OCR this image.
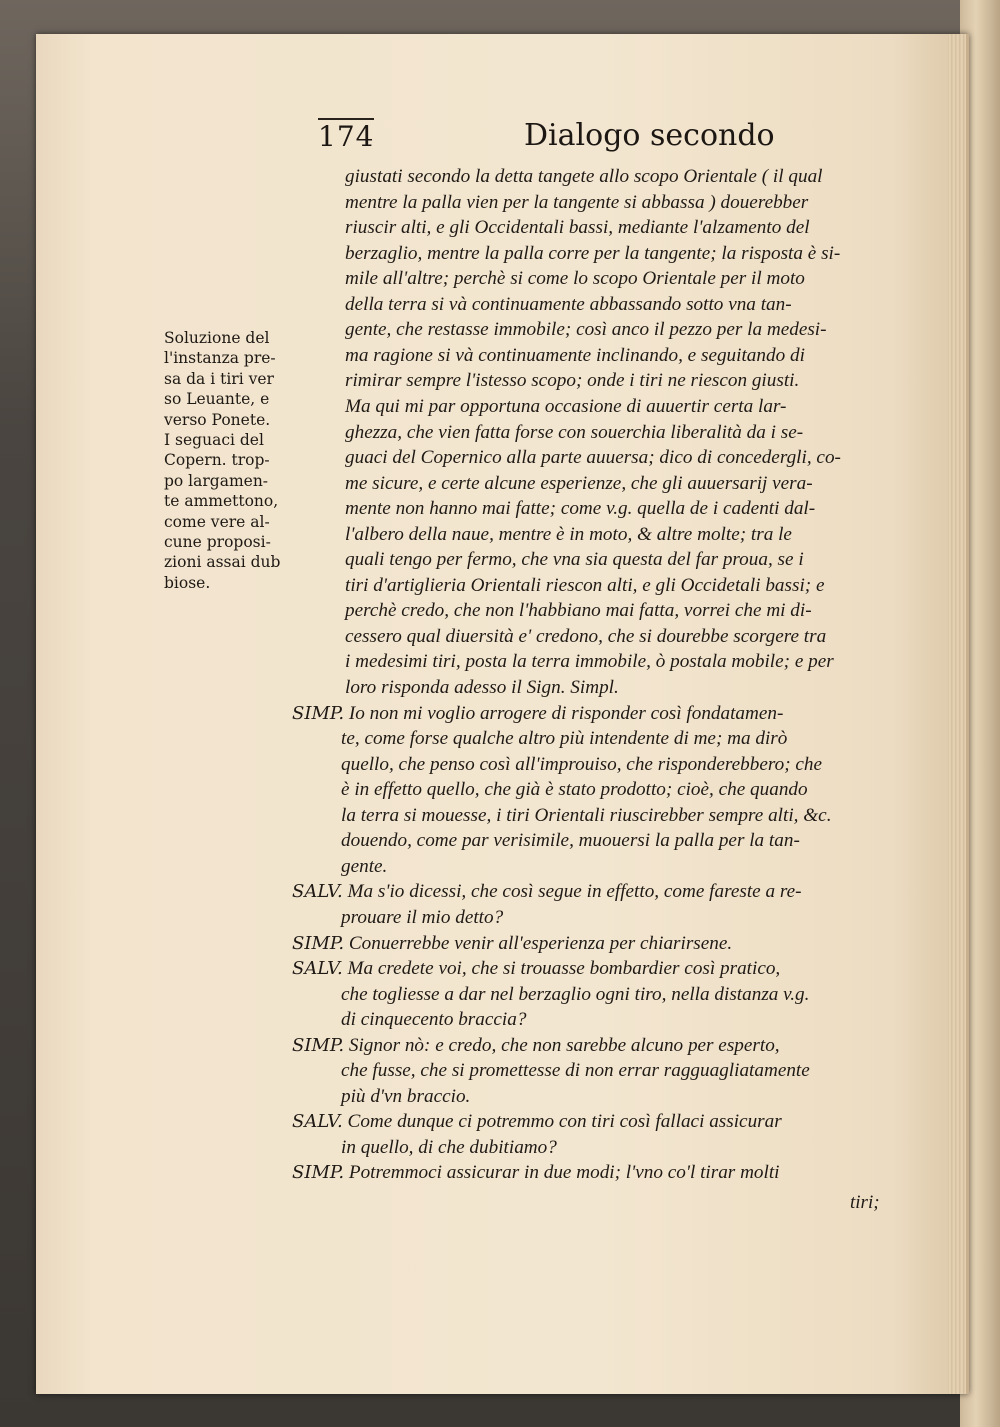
174	Dialogo secondo
Soluzione del
l'instanza pre-
sa da i tiri ver
so Leuante, e
verso Ponete.
I seguaci del
Copern. trop-
po largamen-
te ammettono,
come vere al-
cune proposi-
zioni assai dub
biose.
giustati secondo la detta tangete allo scopo Orientale ( il qual
mentre la palla vien per la tangente si abbassa ) douerebber
riuscir alti, e gli Occidentali bassi, mediante l'alzamento del
berzaglio, mentre la palla corre per la tangente; la risposta è si-
mile all'altre; perchè si come lo scopo Orientale per il moto
della terra si và continuamente abbassando sotto vna tan-
gente, che restasse immobile; così anco il pezzo per la medesi-
ma ragione si và continuamente inclinando, e seguitando di
rimirar sempre l'istesso scopo; onde i tiri ne riescon giusti.
Ma qui mi par opportuna occasione di auuertir certa lar-
ghezza, che vien fatta forse con souerchia liberalità da i se-
guaci del Copernico alla parte auuersa; dico di concedergli, co-
me sicure, e certe alcune esperienze, che gli auuersarij vera-
mente non hanno mai fatte; come v.g. quella de i cadenti dal-
l'albero della naue, mentre è in moto, & altre molte; tra le
quali tengo per fermo, che vna sia questa del far proua, se i
tiri d'artiglieria Orientali riescon alti, e gli Occidetali bassi; e
perchè credo, che non l'habbiano mai fatta, vorrei che mi di-
cessero qual diuersità e' credono, che si dourebbe scorgere tra
i medesimi tiri, posta la terra immobile, ò postala mobile; e per
loro risponda adesso il Sign. Simpl.
SIMP. Io non mi voglio arrogere di risponder così fondatamen-
te, come forse qualche altro più intendente di me; ma dirò
quello, che penso così all'improuiso, che risponderebbero; che
è in effetto quello, che già è stato prodotto; cioè, che quando
la terra si mouesse, i tiri Orientali riuscirebber sempre alti, &c.
douendo, come par verisimile, muouersi la palla per la tan-
gente.
SALV. Ma s'io dicessi, che così segue in effetto, come fareste a re-
prouare il mio detto?
SIMP. Conuerrebbe venir all'esperienza per chiarirsene.
SALV. Ma credete voi, che si trouasse bombardier così pratico,
che togliesse a dar nel berzaglio ogni tiro, nella distanza v.g.
di cinquecento braccia?
SIMP. Signor nò: e credo, che non sarebbe alcuno per esperto,
che fusse, che si promettesse di non errar ragguagliatamente
più d'vn braccio.
SALV. Come dunque ci potremmo con tiri così fallaci assicurar
in quello, di che dubitiamo?
SIMP. Potremmoci assicurar in due modi; l'vno co'l tirar molti
tiri;
